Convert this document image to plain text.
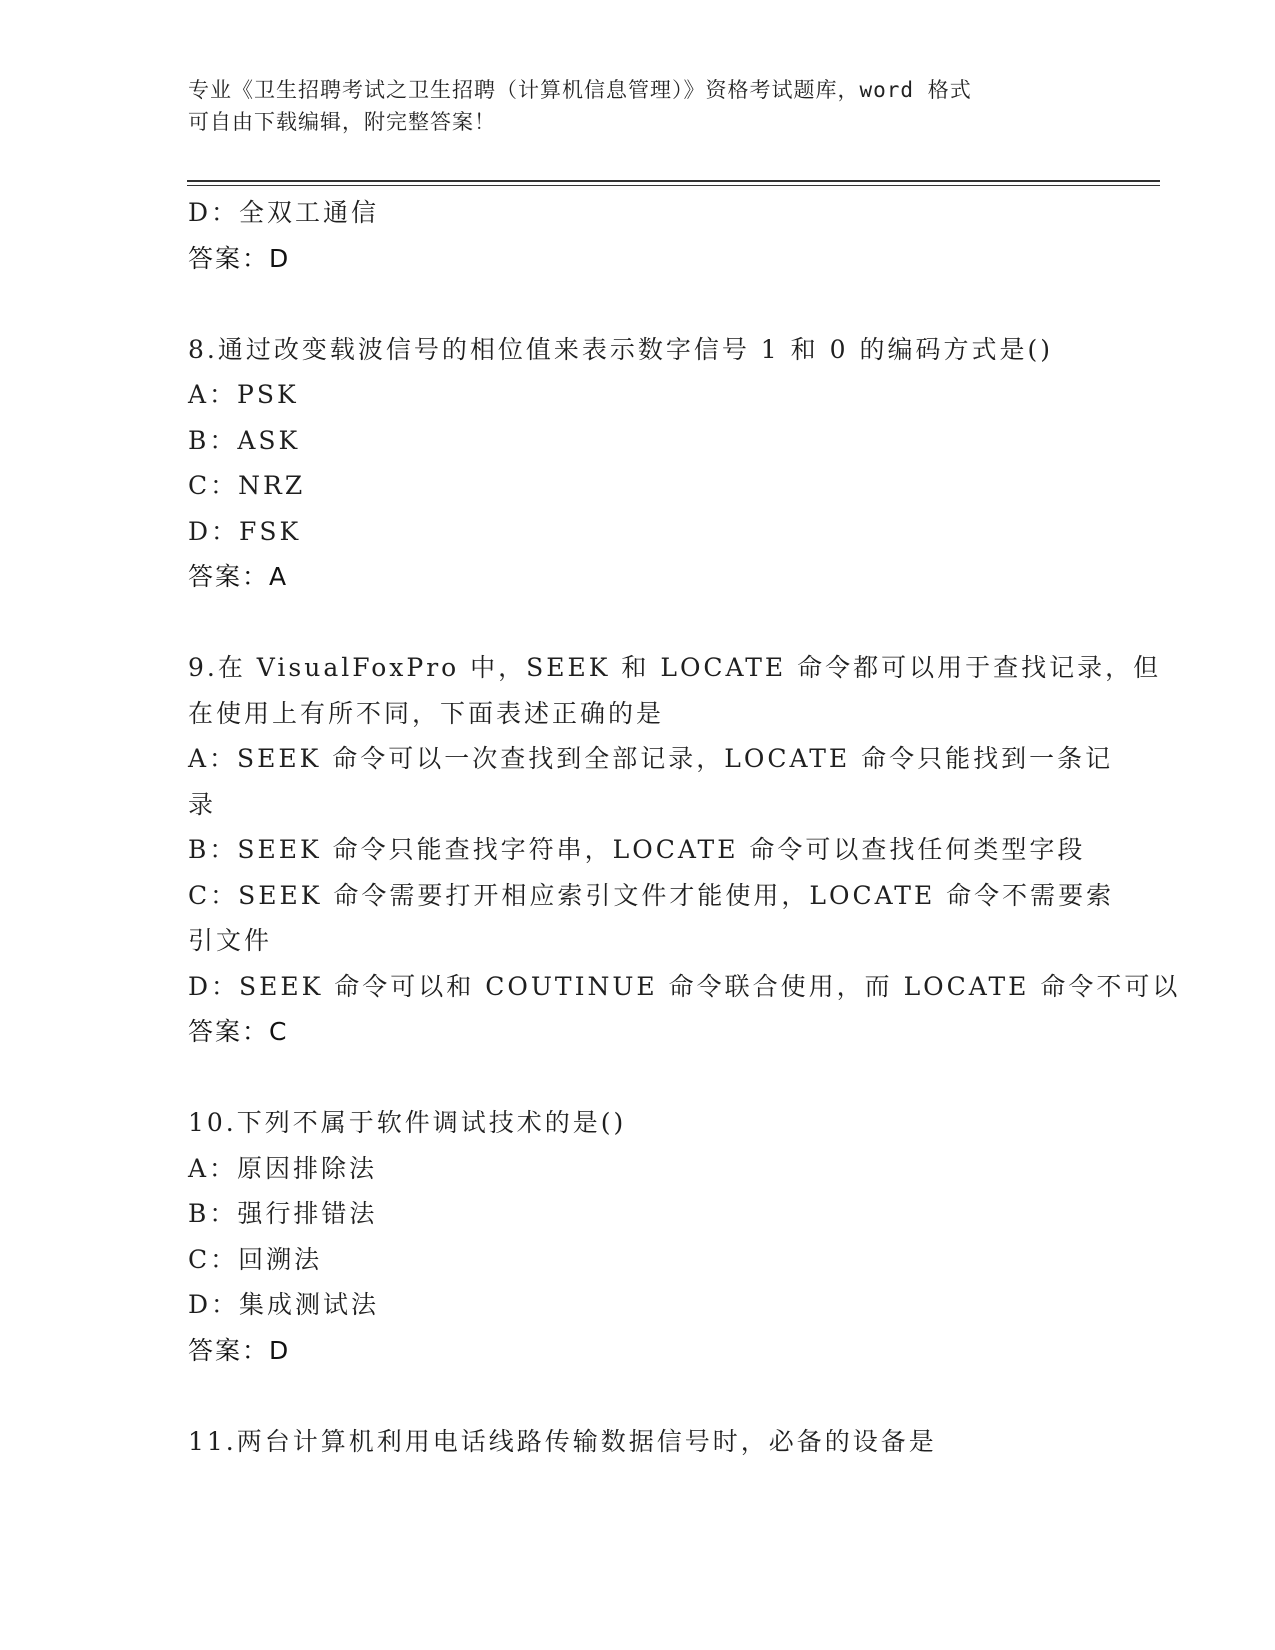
专业《卫生招聘考试之卫生招聘（计算机信息管理）》资格考试题库，word 格式
可自由下载编辑，附完整答案！
D：全双工通信
答案：D
8.通过改变载波信号的相位值来表示数字信号 1 和 0 的编码方式是()
A：PSK
B：ASK
C：NRZ
D：FSK
答案：A
9.在 VisualFoxPro 中，SEEK 和 LOCATE 命令都可以用于查找记录，但
在使用上有所不同，下面表述正确的是
A：SEEK 命令可以一次查找到全部记录，LOCATE 命令只能找到一条记
录
B：SEEK 命令只能查找字符串，LOCATE 命令可以查找任何类型字段
C：SEEK 命令需要打开相应索引文件才能使用，LOCATE 命令不需要索
引文件
D：SEEK 命令可以和 COUTINUE 命令联合使用，而 LOCATE 命令不可以
答案：C
10.下列不属于软件调试技术的是()
A：原因排除法
B：强行排错法
C：回溯法
D：集成测试法
答案：D
11.两台计算机利用电话线路传输数据信号时，必备的设备是
